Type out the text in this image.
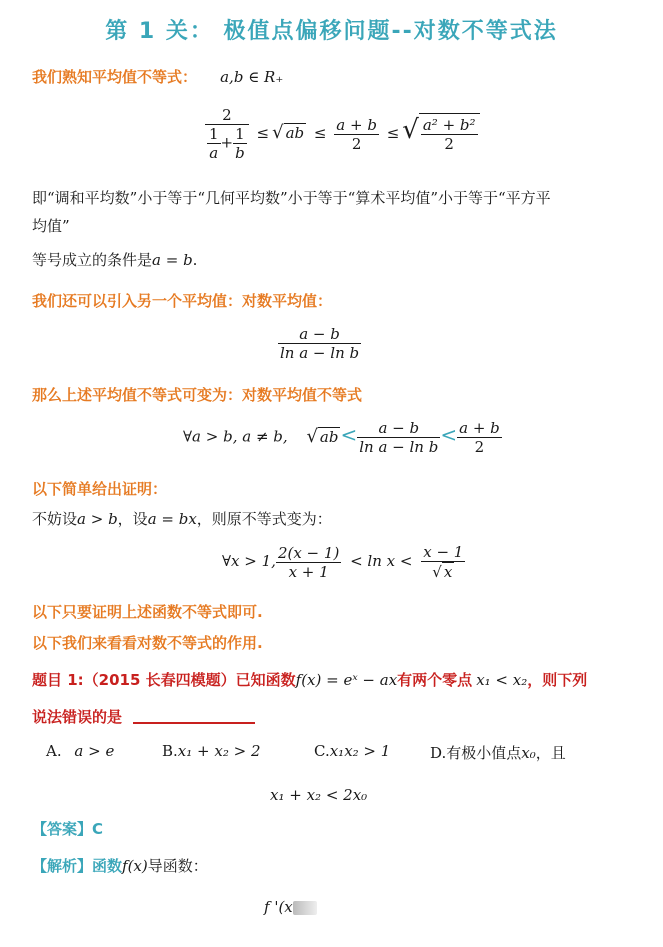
第 1 关： 极值点偏移问题--对数不等式法
我们熟知平均值不等式： a,b ∈ R₊
$\frac{2}{\frac{1}{a} + \frac{1}{b}}$ ≤ √ ab ≤ $\frac{a + b}{2}$ ≤ √ $\frac{\text{a² + b²}}{2}$
即“调和平均数”小于等于“几何平均数”小于等于“算术平均值”小于等于“平方平
均值”
等号成立的条件是a = b.
我们还可以引入另一个平均值：对数平均值：
$\frac{a - b}{\text{ln a − ln b}}$
那么上述平均值不等式可变为：对数平均值不等式
∀a > b, a ≠ b, √ ab < $\frac{a - b}{\text{ln a − ln b}} < \frac{a + b}{2}$
以下简单给出证明：
不妨设a > b，设a = bx，则原不等式变为：
∀x > 1, $\frac{2(x - 1)}{x + 1} < \ln x < \frac{x - 1}{√ x}$
以下只要证明上述函数不等式即可.
以下我们来看看对数不等式的作用.
题目 1:（2015 长春四模题）已知函数f(x) = eˣ − ax有两个零点 x₁ < x₂，则下列
说法错误的是
A. a > e	B.x₁ + x₂ > 2	C.x₁x₂ > 1	D.有极小值点x₀，且
x₁ + x₂ < 2x₀
【答案】C
【解析】函数f(x)导函数：
f '(x
